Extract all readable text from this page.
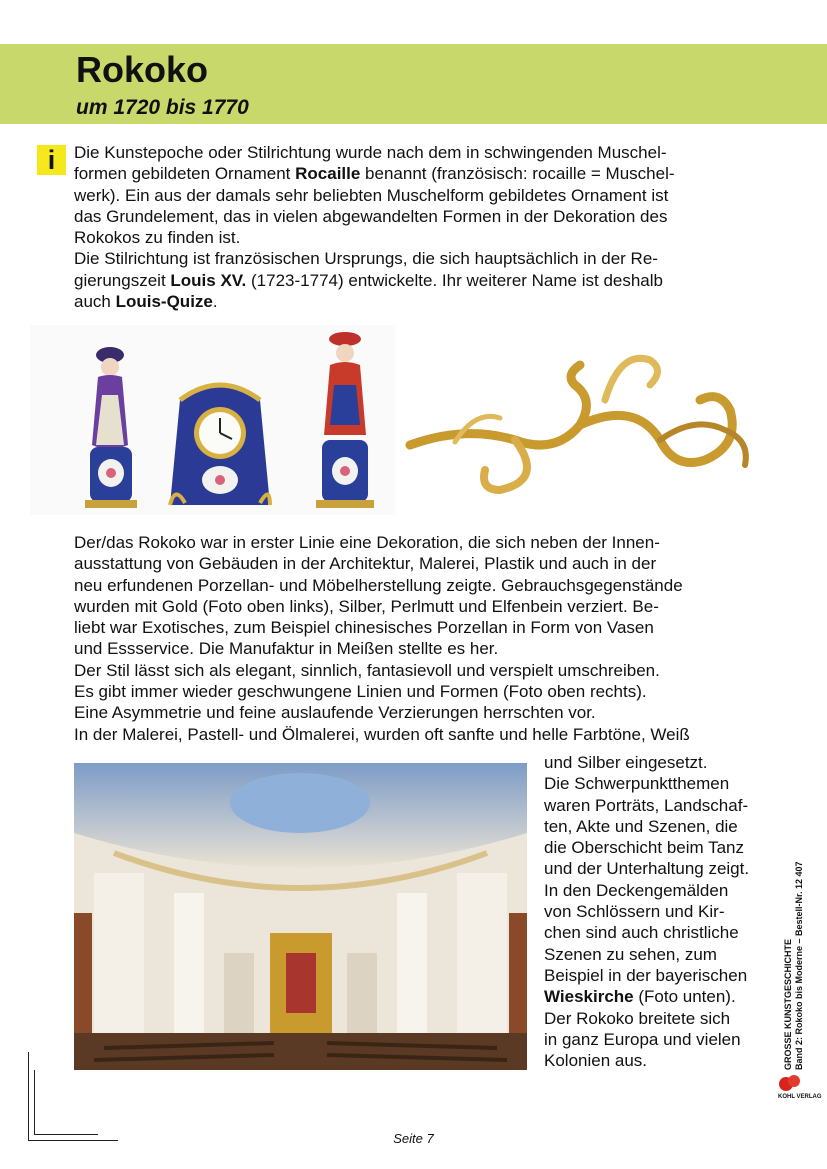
Rokoko
um 1720 bis 1770
i	Die Kunstepoche oder Stilrichtung wurde nach dem in schwingenden Muschel-
formen gebildeten Ornament Rocaille benannt (französisch: rocaille = Muschel-
werk). Ein aus der damals sehr beliebten Muschelform gebildetes Ornament ist
das Grundelement, das in vielen abgewandelten Formen in der Dekoration des
Rokokos zu finden ist.
Die Stilrichtung ist französischen Ursprungs, die sich hauptsächlich in der Re-
gierungszeit Louis XV. (1723-1774) entwickelte. Ihr weiterer Name ist deshalb
auch Louis-Quize.
Der/das Rokoko war in erster Linie eine Dekoration, die sich neben der Innen-
ausstattung von Gebäuden in der Architektur, Malerei, Plastik und auch in der
neu erfundenen Porzellan- und Möbelherstellung zeigte. Gebrauchsgegenstände
wurden mit Gold (Foto oben links), Silber, Perlmutt und Elfenbein verziert. Be-
liebt war Exotisches, zum Beispiel chinesisches Porzellan in Form von Vasen
und Essservice. Die Manufaktur in Meißen stellte es her.
Der Stil lässt sich als elegant, sinnlich, fantasievoll und verspielt umschreiben.
Es gibt immer wieder geschwungene Linien und Formen (Foto oben rechts).
Eine Asymmetrie und feine auslaufende Verzierungen herrschten vor.
In der Malerei, Pastell- und Ölmalerei, wurden oft sanfte und helle Farbtöne, Weiß
und Silber eingesetzt.
Die Schwerpunktthemen
waren Porträts, Landschaf-
ten, Akte und Szenen, die
die Oberschicht beim Tanz
und der Unterhaltung zeigt.
In den Deckengemälden
von Schlössern und Kir-
chen sind auch christliche
Szenen zu sehen, zum
Beispiel in der bayerischen
Wieskirche (Foto unten).
Der Rokoko breitete sich
in ganz Europa und vielen
Kolonien aus.	GROSSE KUNSTGESCHICHTE Band 2: Rokoko bis Moderne – Bestell-Nr. 12 407
KOHL VERLAG
Seite 7
